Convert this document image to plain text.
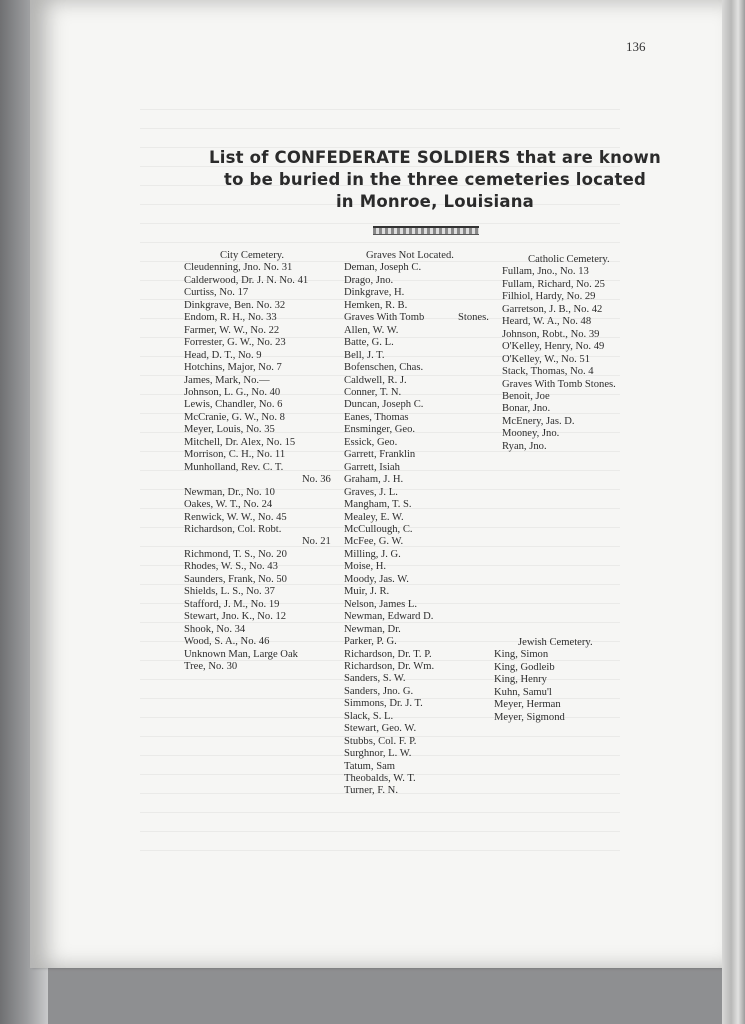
136
List of CONFEDERATE SOLDIERS that are known
to be buried in the three cemeteries located
in Monroe, Louisiana
City Cemetery.
Cleudenning, Jno. No. 31
Calderwood, Dr. J. N. No. 41
Curtiss, No. 17
Dinkgrave, Ben. No. 32
Endom, R. H., No. 33
Farmer, W. W., No. 22
Forrester, G. W., No. 23
Head, D. T., No. 9
Hotchins, Major, No. 7
James, Mark, No.—
Johnson, L. G., No. 40
Lewis, Chandler, No. 6
McCranie, G. W., No. 8
Meyer, Louis, No. 35
Mitchell, Dr. Alex, No. 15
Morrison, C. H., No. 11
Munholland, Rev. C. T.
No. 36
Newman, Dr., No. 10
Oakes, W. T., No. 24
Renwick, W. W., No. 45
Richardson, Col. Robt.
No. 21
Richmond, T. S., No. 20
Rhodes, W. S., No. 43
Saunders, Frank, No. 50
Shields, L. S., No. 37
Stafford, J. M., No. 19
Stewart, Jno. K., No. 12
Shook, No. 34
Wood, S. A., No. 46
Unknown Man, Large Oak
Tree, No. 30
Graves Not Located.
Deman, Joseph C.
Drago, Jno.
Dinkgrave, H.
Hemken, R. B.
Graves With Tomb	Stones.
Allen, W. W.
Batte, G. L.
Bell, J. T.
Bofenschen, Chas.
Caldwell, R. J.
Conner, T. N.
Duncan, Joseph C.
Eanes, Thomas
Ensminger, Geo.
Essick, Geo.
Garrett, Franklin
Garrett, Isiah
Graham, J. H.
Graves, J. L.
Mangham, T. S.
Mealey, E. W.
McCullough, C.
McFee, G. W.
Milling, J. G.
Moise, H.
Moody, Jas. W.
Muir, J. R.
Nelson, James L.
Newman, Edward D.
Newman, Dr.
Parker, P. G.
Richardson, Dr. T. P.
Richardson, Dr. Wm.
Sanders, S. W.
Sanders, Jno. G.
Simmons, Dr. J. T.
Slack, S. L.
Stewart, Geo. W.
Stubbs, Col. F. P.
Surghnor, L. W.
Tatum, Sam
Theobalds, W. T.
Turner, F. N.
Catholic Cemetery.
Fullam, Jno., No. 13
Fullam, Richard, No. 25
Filhiol, Hardy, No. 29
Garretson, J. B., No. 42
Heard, W. A., No. 48
Johnson, Robt., No. 39
O'Kelley, Henry, No. 49
O'Kelley, W., No. 51
Stack, Thomas, No. 4
Graves With Tomb Stones.
Benoit, Joe
Bonar, Jno.
McEnery, Jas. D.
Mooney, Jno.
Ryan, Jno.
Jewish Cemetery.
King, Simon
King, Godleib
King, Henry
Kuhn, Samu'l
Meyer, Herman
Meyer, Sigmond
